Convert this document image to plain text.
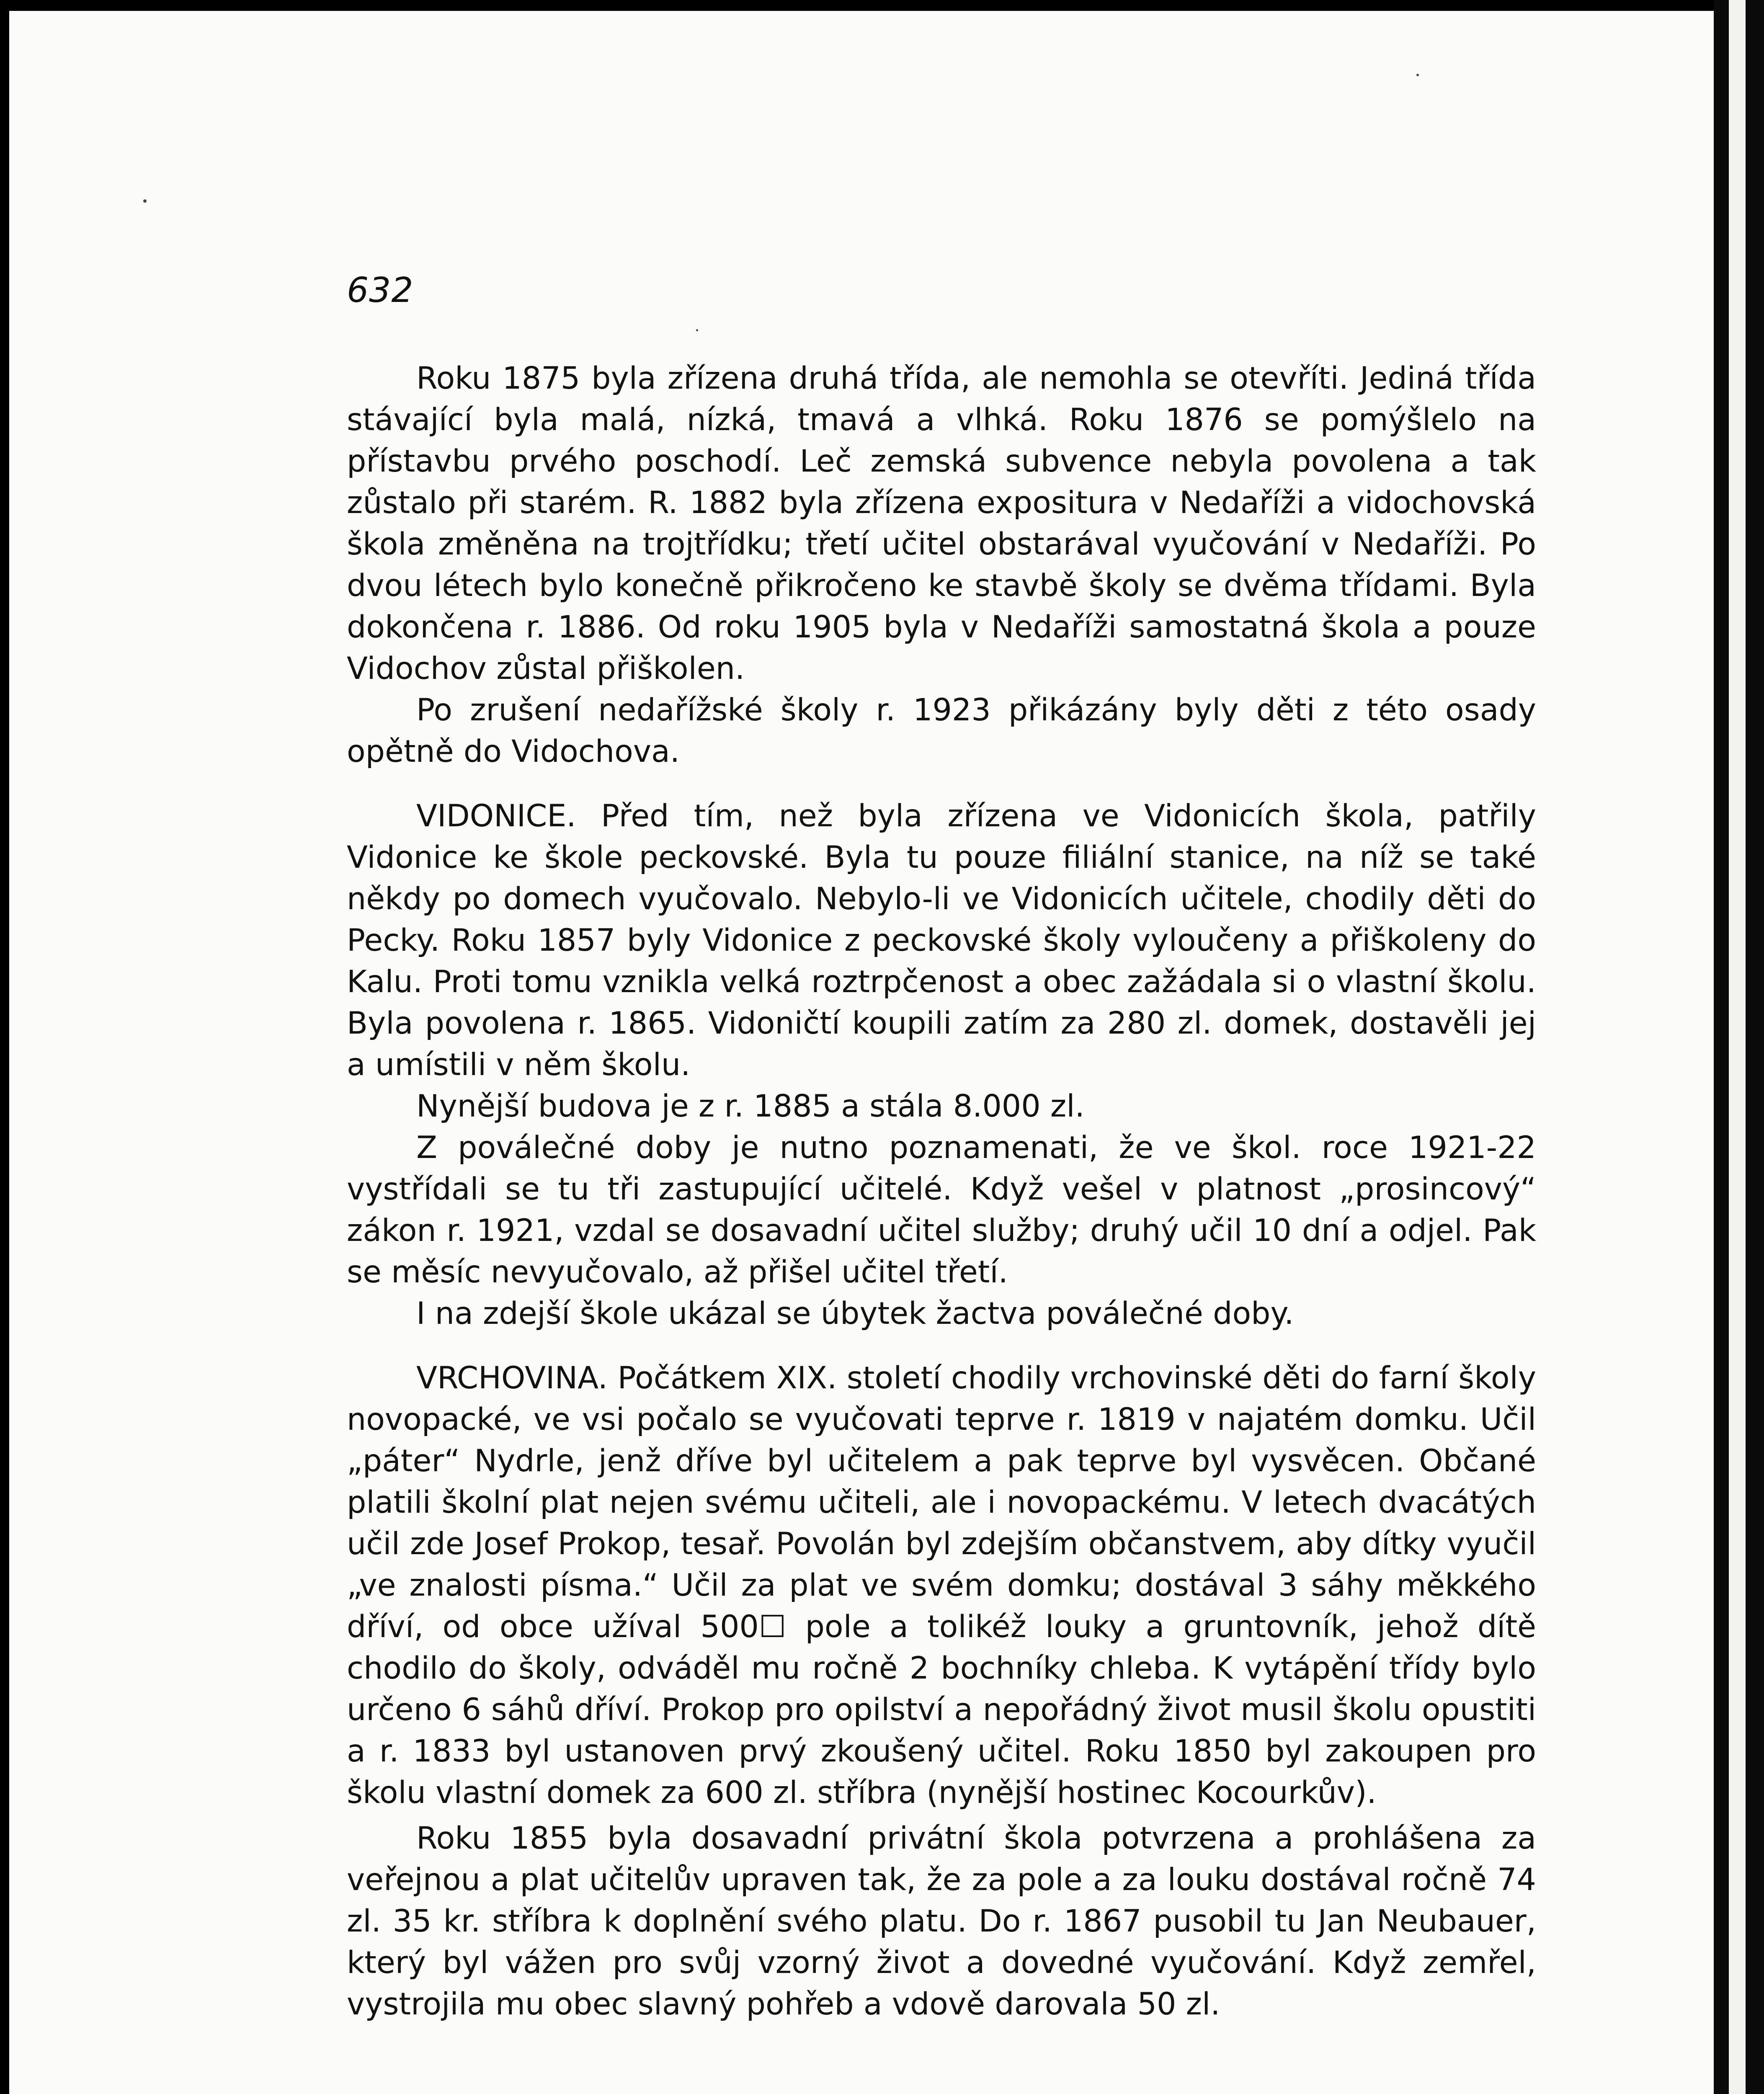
632

Roku 1875 byla zřízena druhá třída, ale nemohla se otevříti. Jediná třída stávající byla malá, nízká, tmavá a vlhká. Roku 1876 se pomýšlelo na přístavbu prvého poschodí. Leč zemská subvence nebyla povolena a tak zůstalo při starém. R. 1882 byla zřízena expositura v Nedaříži a vidochovská škola změněna na trojtřídku; třetí učitel obstarával vyučování v Nedaříži. Po dvou létech bylo konečně přikročeno ke stavbě školy se dvěma třídami. Byla dokončena r. 1886. Od roku 1905 byla v Nedaříži samostatná škola a pouze Vidochov zůstal přiškolen.

Po zrušení nedařížské školy r. 1923 přikázány byly děti z této osady opětně do Vidochova.

VIDONICE. Před tím, než byla zřízena ve Vidonicích škola, patřily Vidonice ke škole peckovské. Byla tu pouze filiální stanice, na níž se také někdy po domech vyučovalo. Nebylo-li ve Vidonicích učitele, chodily děti do Pecky. Roku 1857 byly Vidonice z peckovské školy vyloučeny a přiškoleny do Kalu. Proti tomu vznikla velká roztrpčenost a obec zažádala si o vlastní školu. Byla povolena r. 1865. Vidoničtí koupili zatím za 280 zl. domek, dostavěli jej a umístili v něm školu.

Nynější budova je z r. 1885 a stála 8.000 zl.

Z poválečné doby je nutno poznamenati, že ve škol. roce 1921-22 vystřídali se tu tři zastupující učitelé. Když vešel v platnost „prosincový“ zákon r. 1921, vzdal se dosavadní učitel služby; druhý učil 10 dní a odjel. Pak se měsíc nevyučovalo, až přišel učitel třetí.

I na zdejší škole ukázal se úbytek žactva poválečné doby.

VRCHOVINA. Počátkem XIX. století chodily vrchovinské děti do farní školy novopacké, ve vsi počalo se vyučovati teprve r. 1819 v najatém domku. Učil „páter“ Nydrle, jenž dříve byl učitelem a pak teprve byl vysvěcen. Občané platili školní plat nejen svému učiteli, ale i novopackému. V letech dvacátých učil zde Josef Prokop, tesař. Povolán byl zdejším občanstvem, aby dítky vyučil „ve znalosti písma.“ Učil za plat ve svém domku; dostával 3 sáhy měkkého dříví, od obce užíval 500☐ pole a tolikéž louky a gruntovník, jehož dítě chodilo do školy, odváděl mu ročně 2 bochníky chleba. K vytápění třídy bylo určeno 6 sáhů dříví. Prokop pro opilství a nepořádný život musil školu opustiti a r. 1833 byl ustanoven prvý zkoušený učitel. Roku 1850 byl zakoupen pro školu vlastní domek za 600 zl. stříbra (nynější hostinec Kocourkův).

Roku 1855 byla dosavadní privátní škola potvrzena a prohlášena za veřejnou a plat učitelův upraven tak, že za pole a za louku dostával ročně 74 zl. 35 kr. stříbra k doplnění svého platu. Do r. 1867 pusobil tu Jan Neubauer, který byl vážen pro svůj vzorný život a dovedné vyučování. Když zemřel, vystrojila mu obec slavný pohřeb a vdově darovala 50 zl.
